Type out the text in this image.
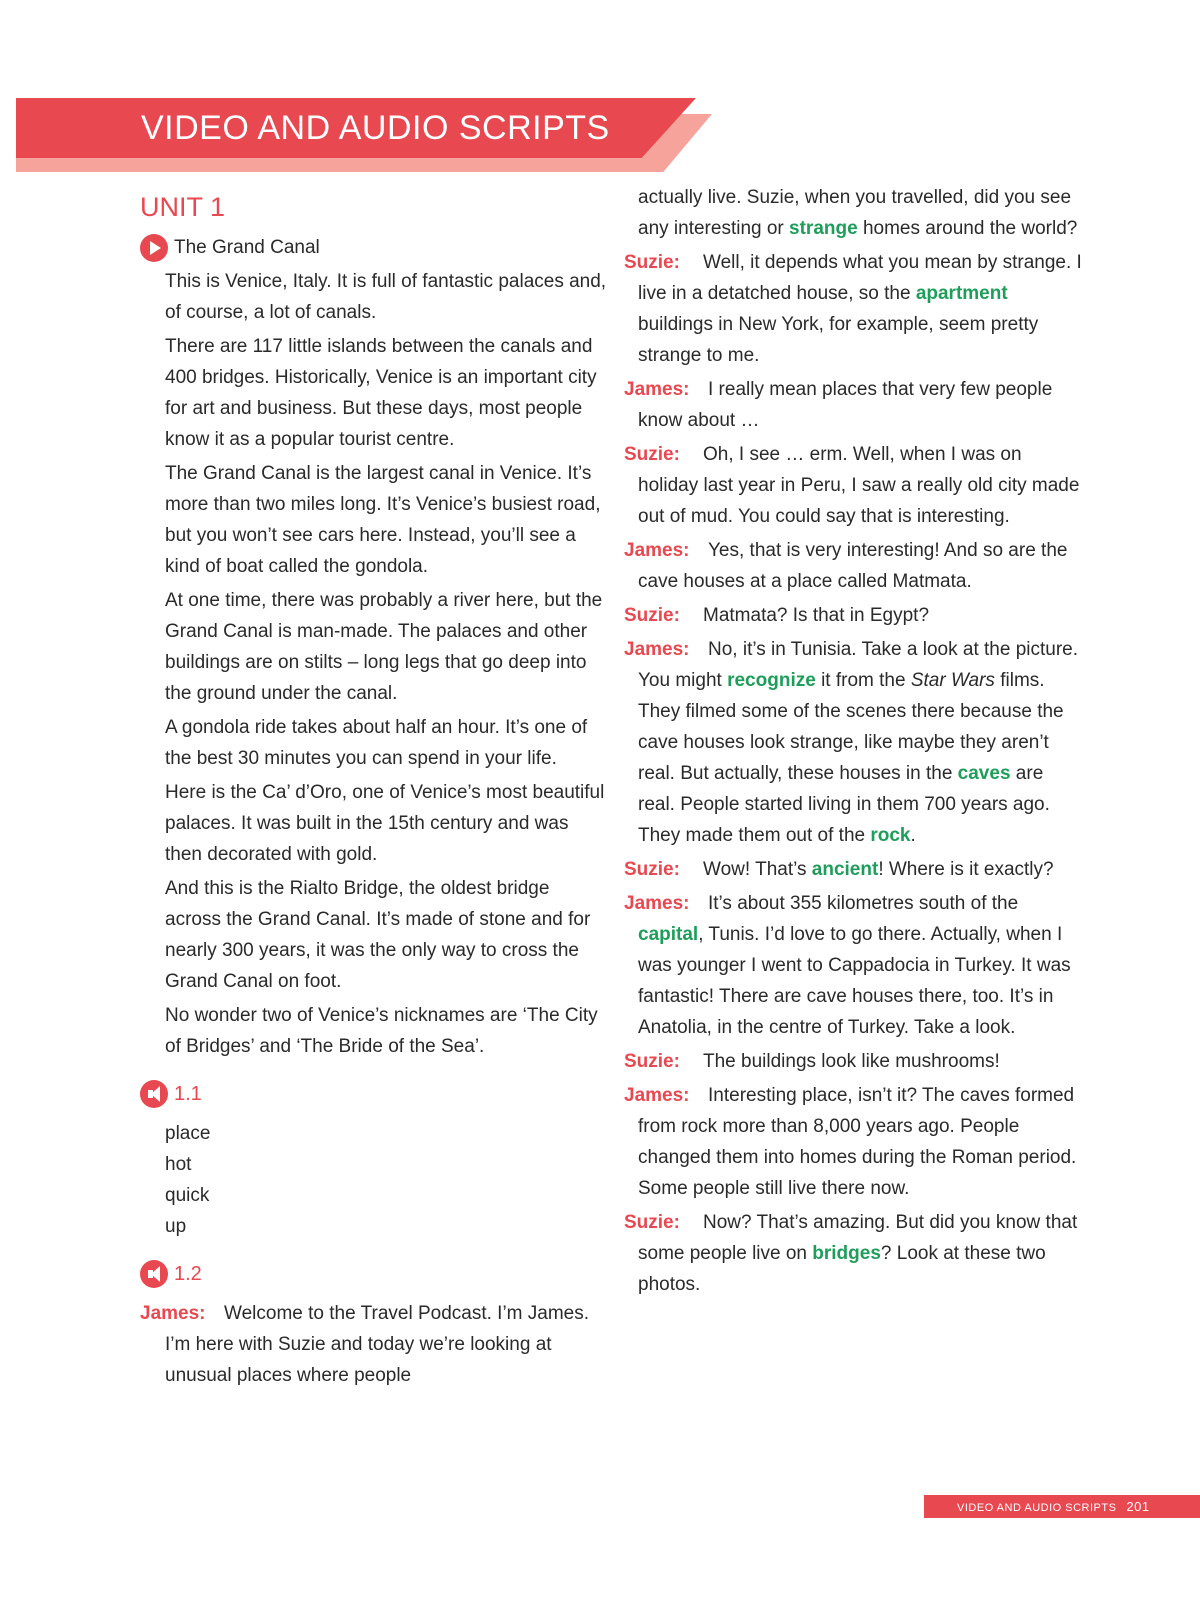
VIDEO AND AUDIO SCRIPTS
UNIT 1
The Grand Canal
This is Venice, Italy. It is full of fantastic palaces and, of course, a lot of canals.
There are 117 little islands between the canals and 400 bridges. Historically, Venice is an important city for art and business. But these days, most people know it as a popular tourist centre.
The Grand Canal is the largest canal in Venice. It’s more than two miles long. It’s Venice’s busiest road, but you won’t see cars here. Instead, you’ll see a kind of boat called the gondola.
At one time, there was probably a river here, but the Grand Canal is man-made. The palaces and other buildings are on stilts – long legs that go deep into the ground under the canal.
A gondola ride takes about half an hour. It’s one of the best 30 minutes you can spend in your life.
Here is the Ca’ d’Oro, one of Venice’s most beautiful palaces. It was built in the 15th century and was then decorated with gold.
And this is the Rialto Bridge, the oldest bridge across the Grand Canal. It’s made of stone and for nearly 300 years, it was the only way to cross the Grand Canal on foot.
No wonder two of Venice’s nicknames are ‘The City of Bridges’ and ‘The Bride of the Sea’.
1.1
place
hot
quick
up
1.2
James: Welcome to the Travel Podcast. I’m James. I’m here with Suzie and today we’re looking at unusual places where people
actually live. Suzie, when you travelled, did you see any interesting or strange homes around the world?
Suzie: Well, it depends what you mean by strange. I live in a detatched house, so the apartment buildings in New York, for example, seem pretty strange to me.
James: I really mean places that very few people know about …
Suzie: Oh, I see … erm. Well, when I was on holiday last year in Peru, I saw a really old city made out of mud. You could say that is interesting.
James: Yes, that is very interesting! And so are the cave houses at a place called Matmata.
Suzie: Matmata? Is that in Egypt?
James: No, it’s in Tunisia. Take a look at the picture. You might recognize it from the Star Wars films. They filmed some of the scenes there because the cave houses look strange, like maybe they aren’t real. But actually, these houses in the caves are real. People started living in them 700 years ago. They made them out of the rock.
Suzie: Wow! That’s ancient! Where is it exactly?
James: It’s about 355 kilometres south of the capital, Tunis. I’d love to go there. Actually, when I was younger I went to Cappadocia in Turkey. It was fantastic! There are cave houses there, too. It’s in Anatolia, in the centre of Turkey. Take a look.
Suzie: The buildings look like mushrooms!
James: Interesting place, isn’t it? The caves formed from rock more than 8,000 years ago. People changed them into homes during the Roman period. Some people still live there now.
Suzie: Now? That’s amazing. But did you know that some people live on bridges? Look at these two photos.
VIDEO AND AUDIO SCRIPTS 201
